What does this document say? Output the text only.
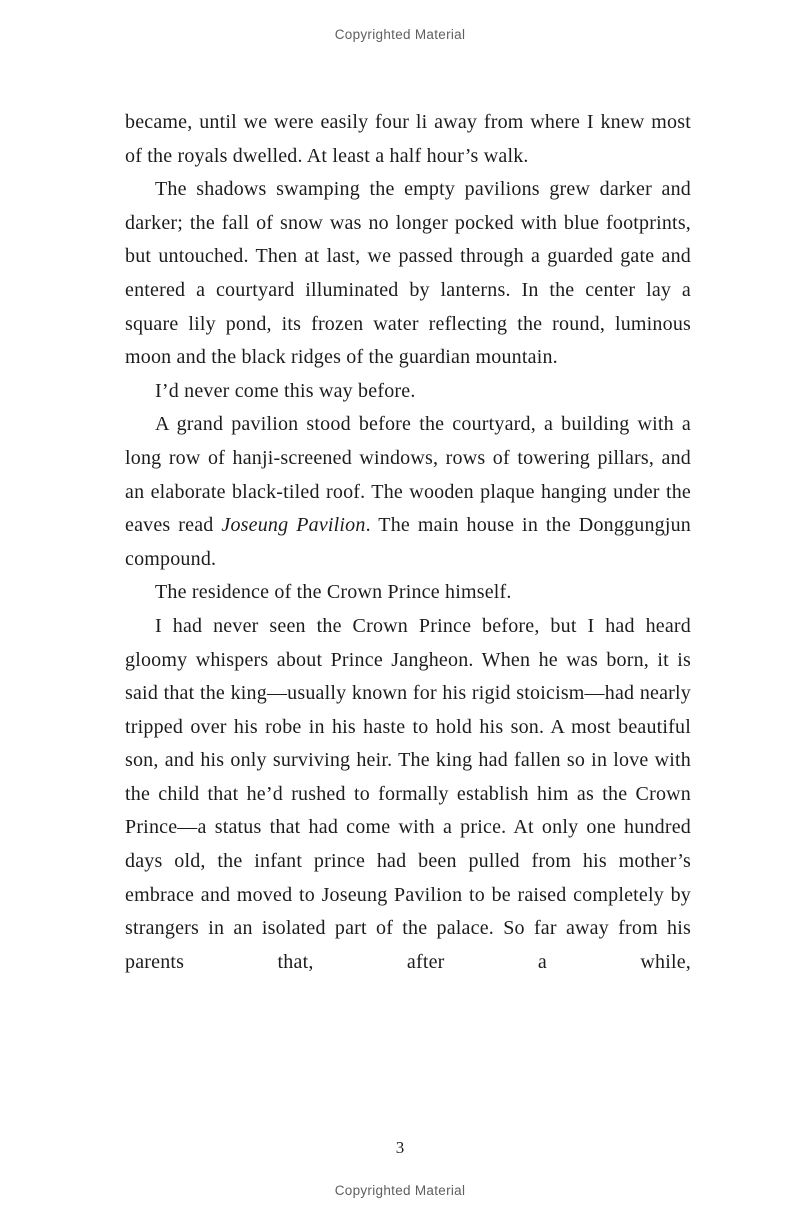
Copyrighted Material

became, until we were easily four li away from where I knew most of the royals dwelled. At least a half hour’s walk.

The shadows swamping the empty pavilions grew darker and darker; the fall of snow was no longer pocked with blue footprints, but untouched. Then at last, we passed through a guarded gate and entered a courtyard illuminated by lanterns. In the center lay a square lily pond, its frozen water reflecting the round, luminous moon and the black ridges of the guardian mountain.

I’d never come this way before.

A grand pavilion stood before the courtyard, a building with a long row of hanji-screened windows, rows of towering pillars, and an elaborate black-tiled roof. The wooden plaque hanging under the eaves read Joseung Pavilion. The main house in the Donggungjun compound.

The residence of the Crown Prince himself.

I had never seen the Crown Prince before, but I had heard gloomy whispers about Prince Jangheon. When he was born, it is said that the king—usually known for his rigid stoicism—had nearly tripped over his robe in his haste to hold his son. A most beautiful son, and his only surviving heir. The king had fallen so in love with the child that he’d rushed to formally establish him as the Crown Prince—a status that had come with a price. At only one hundred days old, the infant prince had been pulled from his mother’s embrace and moved to Joseung Pavilion to be raised completely by strangers in an isolated part of the palace. So far away from his parents that, after a while,

3
Copyrighted Material
